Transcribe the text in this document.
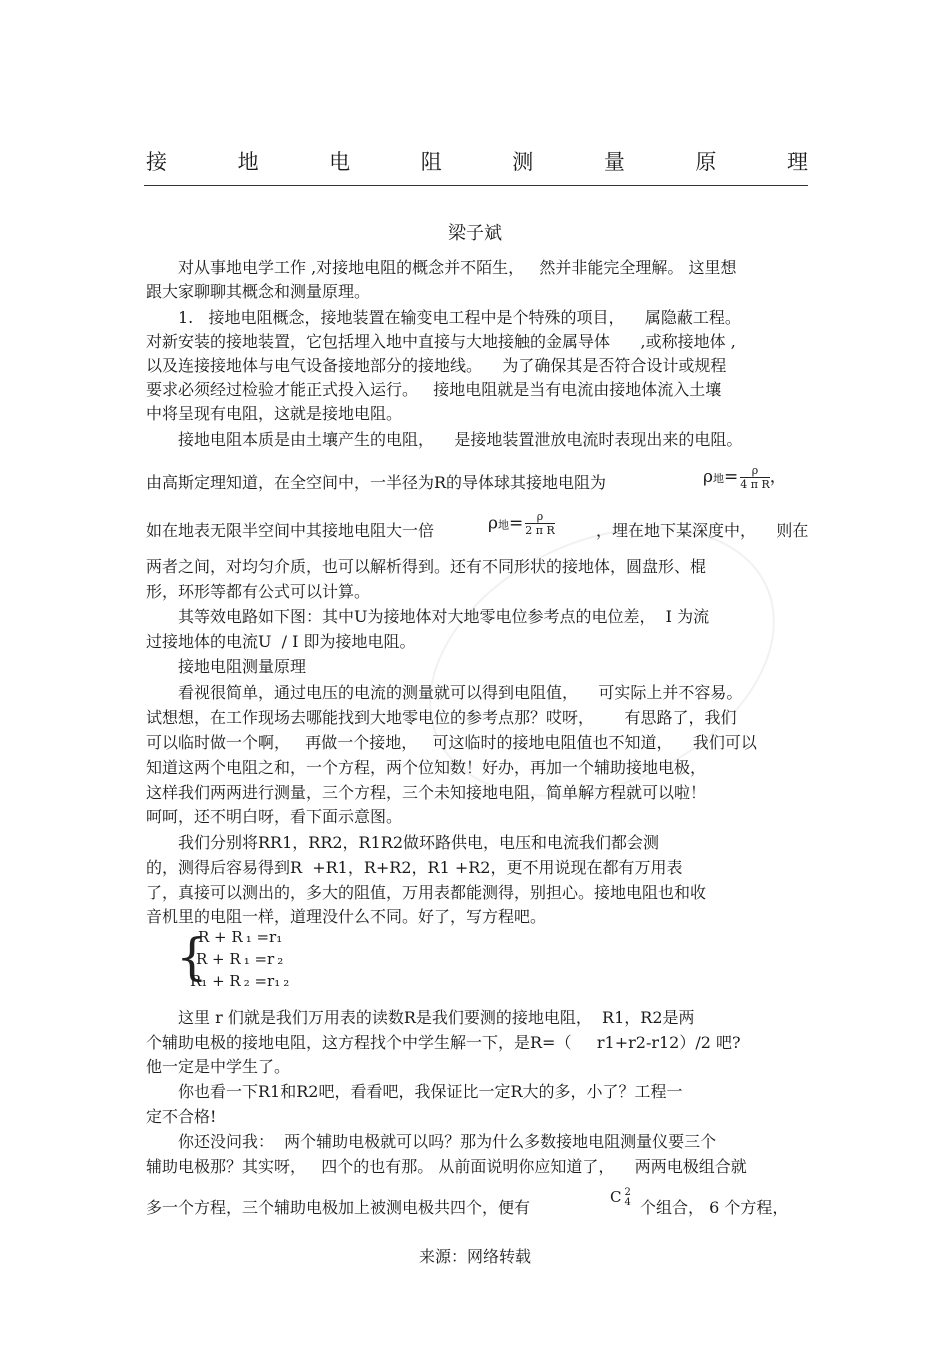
接	地	电	阻	测	量	原	理
梁子斌
对从事地电学工作 ,对接地电阻的概念并不陌生，   然并非能完全理解。 这里想
跟大家聊聊其概念和测量原理。
1.   接地电阻概念，接地装置在输变电工程中是个特殊的项目，    属隐蔽工程。
对新安装的接地装置，它包括埋入地中直接与大地接触的金属导体      ,或称接地体 ,
以及连接接地体与电气设备接地部分的接地线。    为了确保其是否符合设计或规程
要求必须经过检验才能正式投入运行。   接地电阻就是当有电流由接地体流入土壤
中将呈现有电阻，这就是接地电阻。
接地电阻本质是由土壤产生的电阻，    是接地装置泄放电流时表现出来的电阻。
由高斯定理知道，在全空间中，一半径为R的导体球其接地电阻为
如在地表无限半空间中其接地电阻大一倍	，埋在地下某深度中，    则在
两者之间，对均匀介质，也可以解析得到。还有不同形状的接地体，圆盘形、棍
形，环形等都有公式可以计算。
其等效电路如下图：其中U为接地体对大地零电位参考点的电位差，  I 为流
过接地体的电流U  / I 即为接地电阻。
接地电阻测量原理
看视很简单，通过电压的电流的测量就可以得到电阻值，    可实际上并不容易。
试想想，在工作现场去哪能找到大地零电位的参考点那？哎呀，      有思路了，我们
可以临时做一个啊，   再做一个接地，   可这临时的接地电阻值也不知道，    我们可以
知道这两个电阻之和，一个方程，两个位知数！好办，再加一个辅助接地电极，
这样我们两两进行测量，三个方程，三个未知接地电阻，简单解方程就可以啦！
呵呵，还不明白呀，看下面示意图。
我们分别将RR1，RR2，R1R2做环路供电，电压和电流我们都会测
的，测得后容易得到R  +R1，R+R2，R1 +R2，更不用说现在都有万用表
了，真接可以测出的，多大的阻值，万用表都能测得，别担心。接地电阻也和收
音机里的电阻一样，道理没什么不同。好了，写方程吧。
这里 r 们就是我们万用表的读数R是我们要测的接地电阻，  R1，R2是两
个辅助电极的接地电阻，这方程找个中学生解一下，是R=（     r1+r2-r12）/2 吧?
他一定是中学生了。
你也看一下R1和R2吧，看看吧，我保证比一定R大的多，小了？工程一
定不合格!
你还没问我：  两个辅助电极就可以吗？那为什么多数接地电阻测量仪要三个
辅助电极那？其实呀，   四个的也有那。 从前面说明你应知道了，    两两电极组合就
多一个方程，三个辅助电极加上被测电极共四个，便有	个组合， 6 个方程，
ρ地= $\frac{\rho}{\text{4 π R}}$ ，
ρ地= $\frac{\rho}{\text{2 π R}}$
{
R + R ₁ =r₁
R + R ₁ =r ₂
R₁ + R ₂ =r₁ ₂
C 2
4
来源：网络转载
